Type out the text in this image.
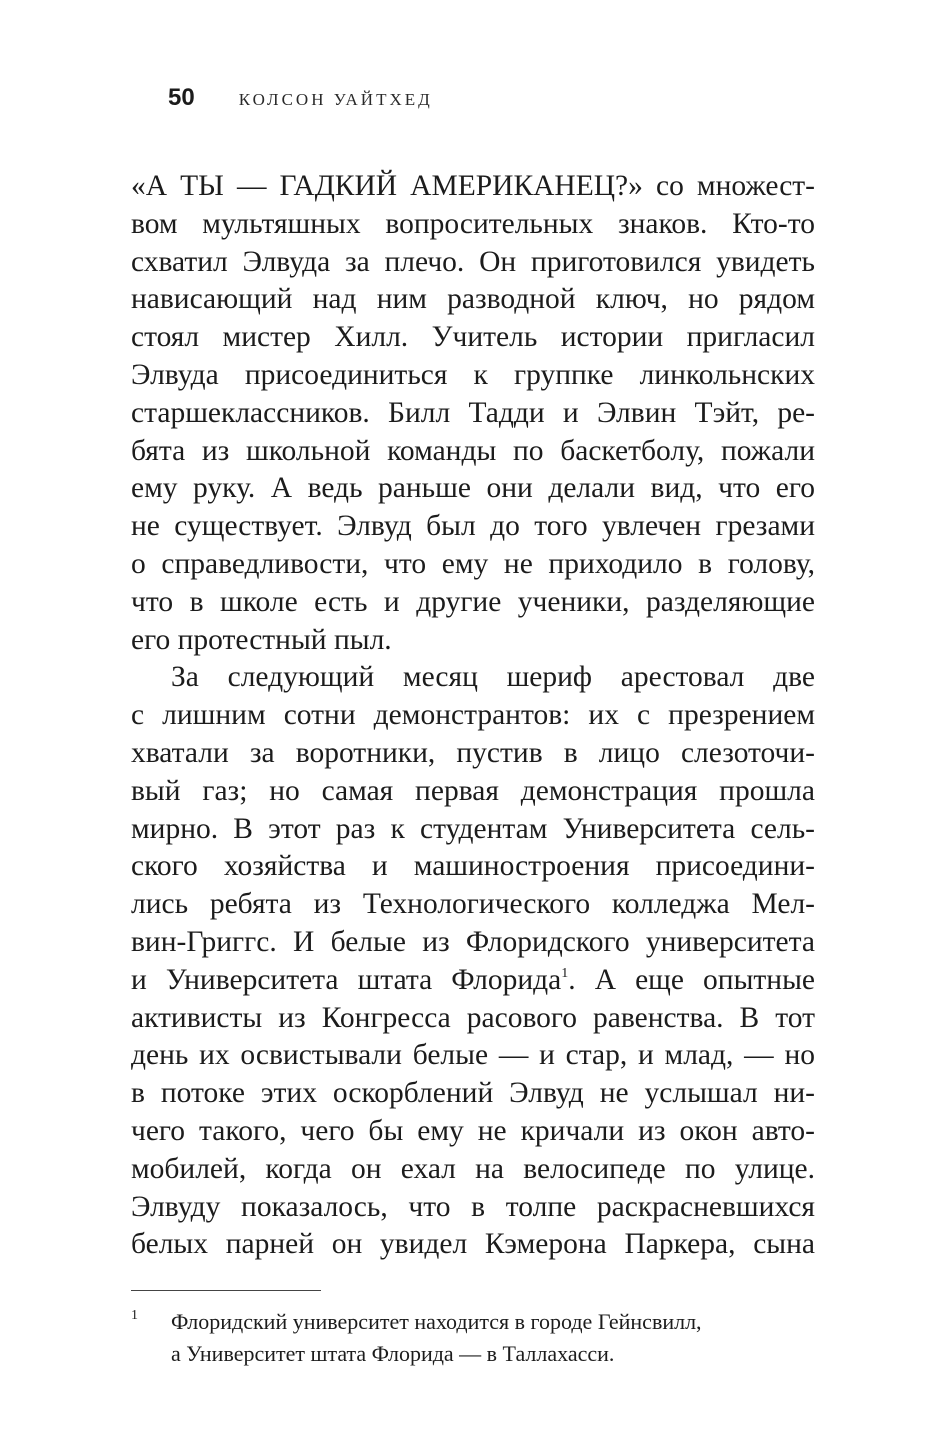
50	КОЛСОН УАЙТХЕД
«А ТЫ — ГАДКИЙ АМЕРИКАНЕЦ?» со множест-
вом мультяшных вопросительных знаков. Кто-то
схватил Элвуда за плечо. Он приготовился увидеть
нависающий над ним разводной ключ, но рядом
стоял мистер Хилл. Учитель истории пригласил
Элвуда присоединиться к группке линкольнских
старшеклассников. Билл Тадди и Элвин Тэйт, ре-
бята из школьной команды по баскетболу, пожали
ему руку. А ведь раньше они делали вид, что его
не существует. Элвуд был до того увлечен грезами
о справедливости, что ему не приходило в голову,
что в школе есть и другие ученики, разделяющие
его протестный пыл.
За следующий месяц шериф арестовал две
с лишним сотни демонстрантов: их с презрением
хватали за воротники, пустив в лицо слезоточи-
вый газ; но самая первая демонстрация прошла
мирно. В этот раз к студентам Университета сель-
ского хозяйства и машиностроения присоедини-
лись ребята из Технологического колледжа Мел-
вин-Григгс. И белые из Флоридского университета
и Университета штата Флорида$^1$. А еще опытные
активисты из Конгресса расового равенства. В тот
день их освистывали белые — и стар, и млад, — но
в потоке этих оскорблений Элвуд не услышал ни-
чего такого, чего бы ему не кричали из окон авто-
мобилей, когда он ехал на велосипеде по улице.
Элвуду показалось, что в толпе раскрасневшихся
белых парней он увидел Кэмерона Паркера, сына
1 Флоридский университет находится в городе Гейнсвилл,
а Университет штата Флорида — в Таллахасси.
